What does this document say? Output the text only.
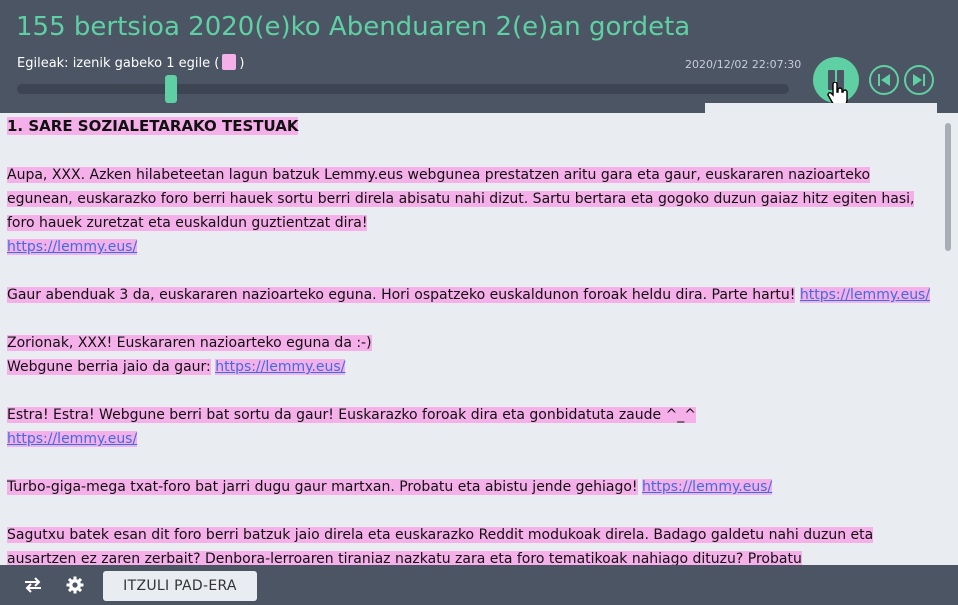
155 bertsioa 2020(e)ko Abenduaren 2(e)an gordeta
Egileak: izenik gabeko 1 egile ( )	2020/12/02 22:07:30
1. SARE SOZIALETARAKO TESTUAK
Aupa, XXX. Azken hilabeteetan lagun batzuk Lemmy.eus webgunea prestatzen aritu gara eta gaur, euskararen nazioarteko egunean, euskarazko foro berri hauek sortu berri direla abisatu nahi dizut. Sartu bertara eta gogoko duzun gaiaz hitz egiten hasi, foro hauek zuretzat eta euskaldun guztientzat dira!
https://lemmy.eus/
Gaur abenduak 3 da, euskararen nazioarteko eguna. Hori ospatzeko euskaldunon foroak heldu dira. Parte hartu! https://lemmy.eus/
Zorionak, XXX! Euskararen nazioarteko eguna da :-)
Webgune berria jaio da gaur: https://lemmy.eus/
Estra! Estra! Webgune berri bat sortu da gaur! Euskarazko foroak dira eta gonbidatuta zaude ^_^
https://lemmy.eus/
Turbo-giga-mega txat-foro bat jarri dugu gaur martxan. Probatu eta abistu jende gehiago! https://lemmy.eus/
Sagutxu batek esan dit foro berri batzuk jaio direla eta euskarazko Reddit modukoak direla. Badago galdetu nahi duzun eta ausartzen ez zaren zerbait? Denbora-lerroaren tiraniaz nazkatu zara eta foro tematikoak nahiago dituzu? Probatu
ITZULI PAD-ERA
